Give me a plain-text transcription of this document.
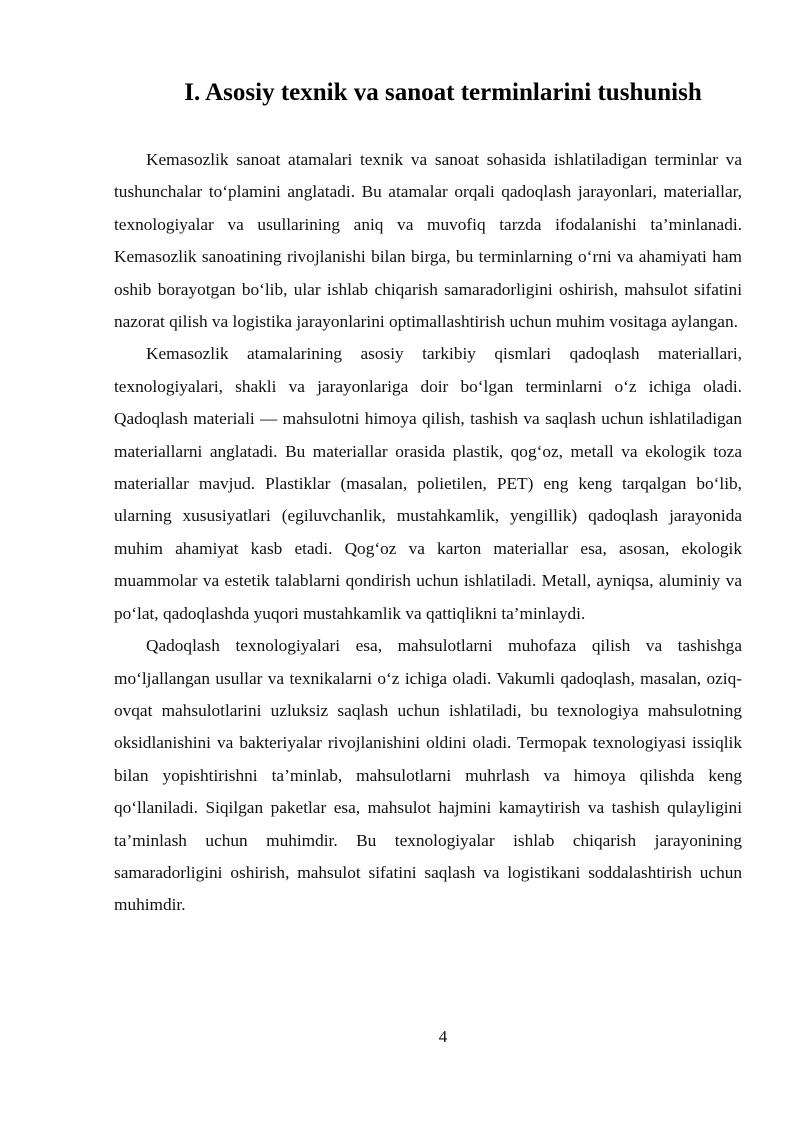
I. Asosiy texnik va sanoat terminlarini tushunish

Kemasozlik sanoat atamalari texnik va sanoat sohasida ishlatiladigan terminlar va tushunchalar to‘plamini anglatadi. Bu atamalar orqali qadoqlash jarayonlari, materiallar, texnologiyalar va usullarining aniq va muvofiq tarzda ifodalanishi ta’minlanadi. Kemasozlik sanoatining rivojlanishi bilan birga, bu terminlarning o‘rni va ahamiyati ham oshib borayotgan bo‘lib, ular ishlab chiqarish samaradorligini oshirish, mahsulot sifatini nazorat qilish va logistika jarayonlarini optimallashtirish uchun muhim vositaga aylangan.

Kemasozlik atamalarining asosiy tarkibiy qismlari qadoqlash materiallari, texnologiyalari, shakli va jarayonlariga doir bo‘lgan terminlarni o‘z ichiga oladi. Qadoqlash materiali — mahsulotni himoya qilish, tashish va saqlash uchun ishlatiladigan materiallarni anglatadi. Bu materiallar orasida plastik, qog‘oz, metall va ekologik toza materiallar mavjud. Plastiklar (masalan, polietilen, PET) eng keng tarqalgan bo‘lib, ularning xususiyatlari (egiluvchanlik, mustahkamlik, yengillik) qadoqlash jarayonida muhim ahamiyat kasb etadi. Qog‘oz va karton materiallar esa, asosan, ekologik muammolar va estetik talablarni qondirish uchun ishlatiladi. Metall, ayniqsa, aluminiy va po‘lat, qadoqlashda yuqori mustahkamlik va qattiqlikni ta’minlaydi.

Qadoqlash texnologiyalari esa, mahsulotlarni muhofaza qilish va tashishga mo‘ljallangan usullar va texnikalarni o‘z ichiga oladi. Vakumli qadoqlash, masalan, oziq-ovqat mahsulotlarini uzluksiz saqlash uchun ishlatiladi, bu texnologiya mahsulotning oksidlanishini va bakteriyalar rivojlanishini oldini oladi. Termopak texnologiyasi issiqlik bilan yopishtirishni ta’minlab, mahsulotlarni muhrlash va himoya qilishda keng qo‘llaniladi. Siqilgan paketlar esa, mahsulot hajmini kamaytirish va tashish qulayligini ta’minlash uchun muhimdir. Bu texnologiyalar ishlab chiqarish jarayonining samaradorligini oshirish, mahsulot sifatini saqlash va logistikani soddalashtirish uchun muhimdir.

4
